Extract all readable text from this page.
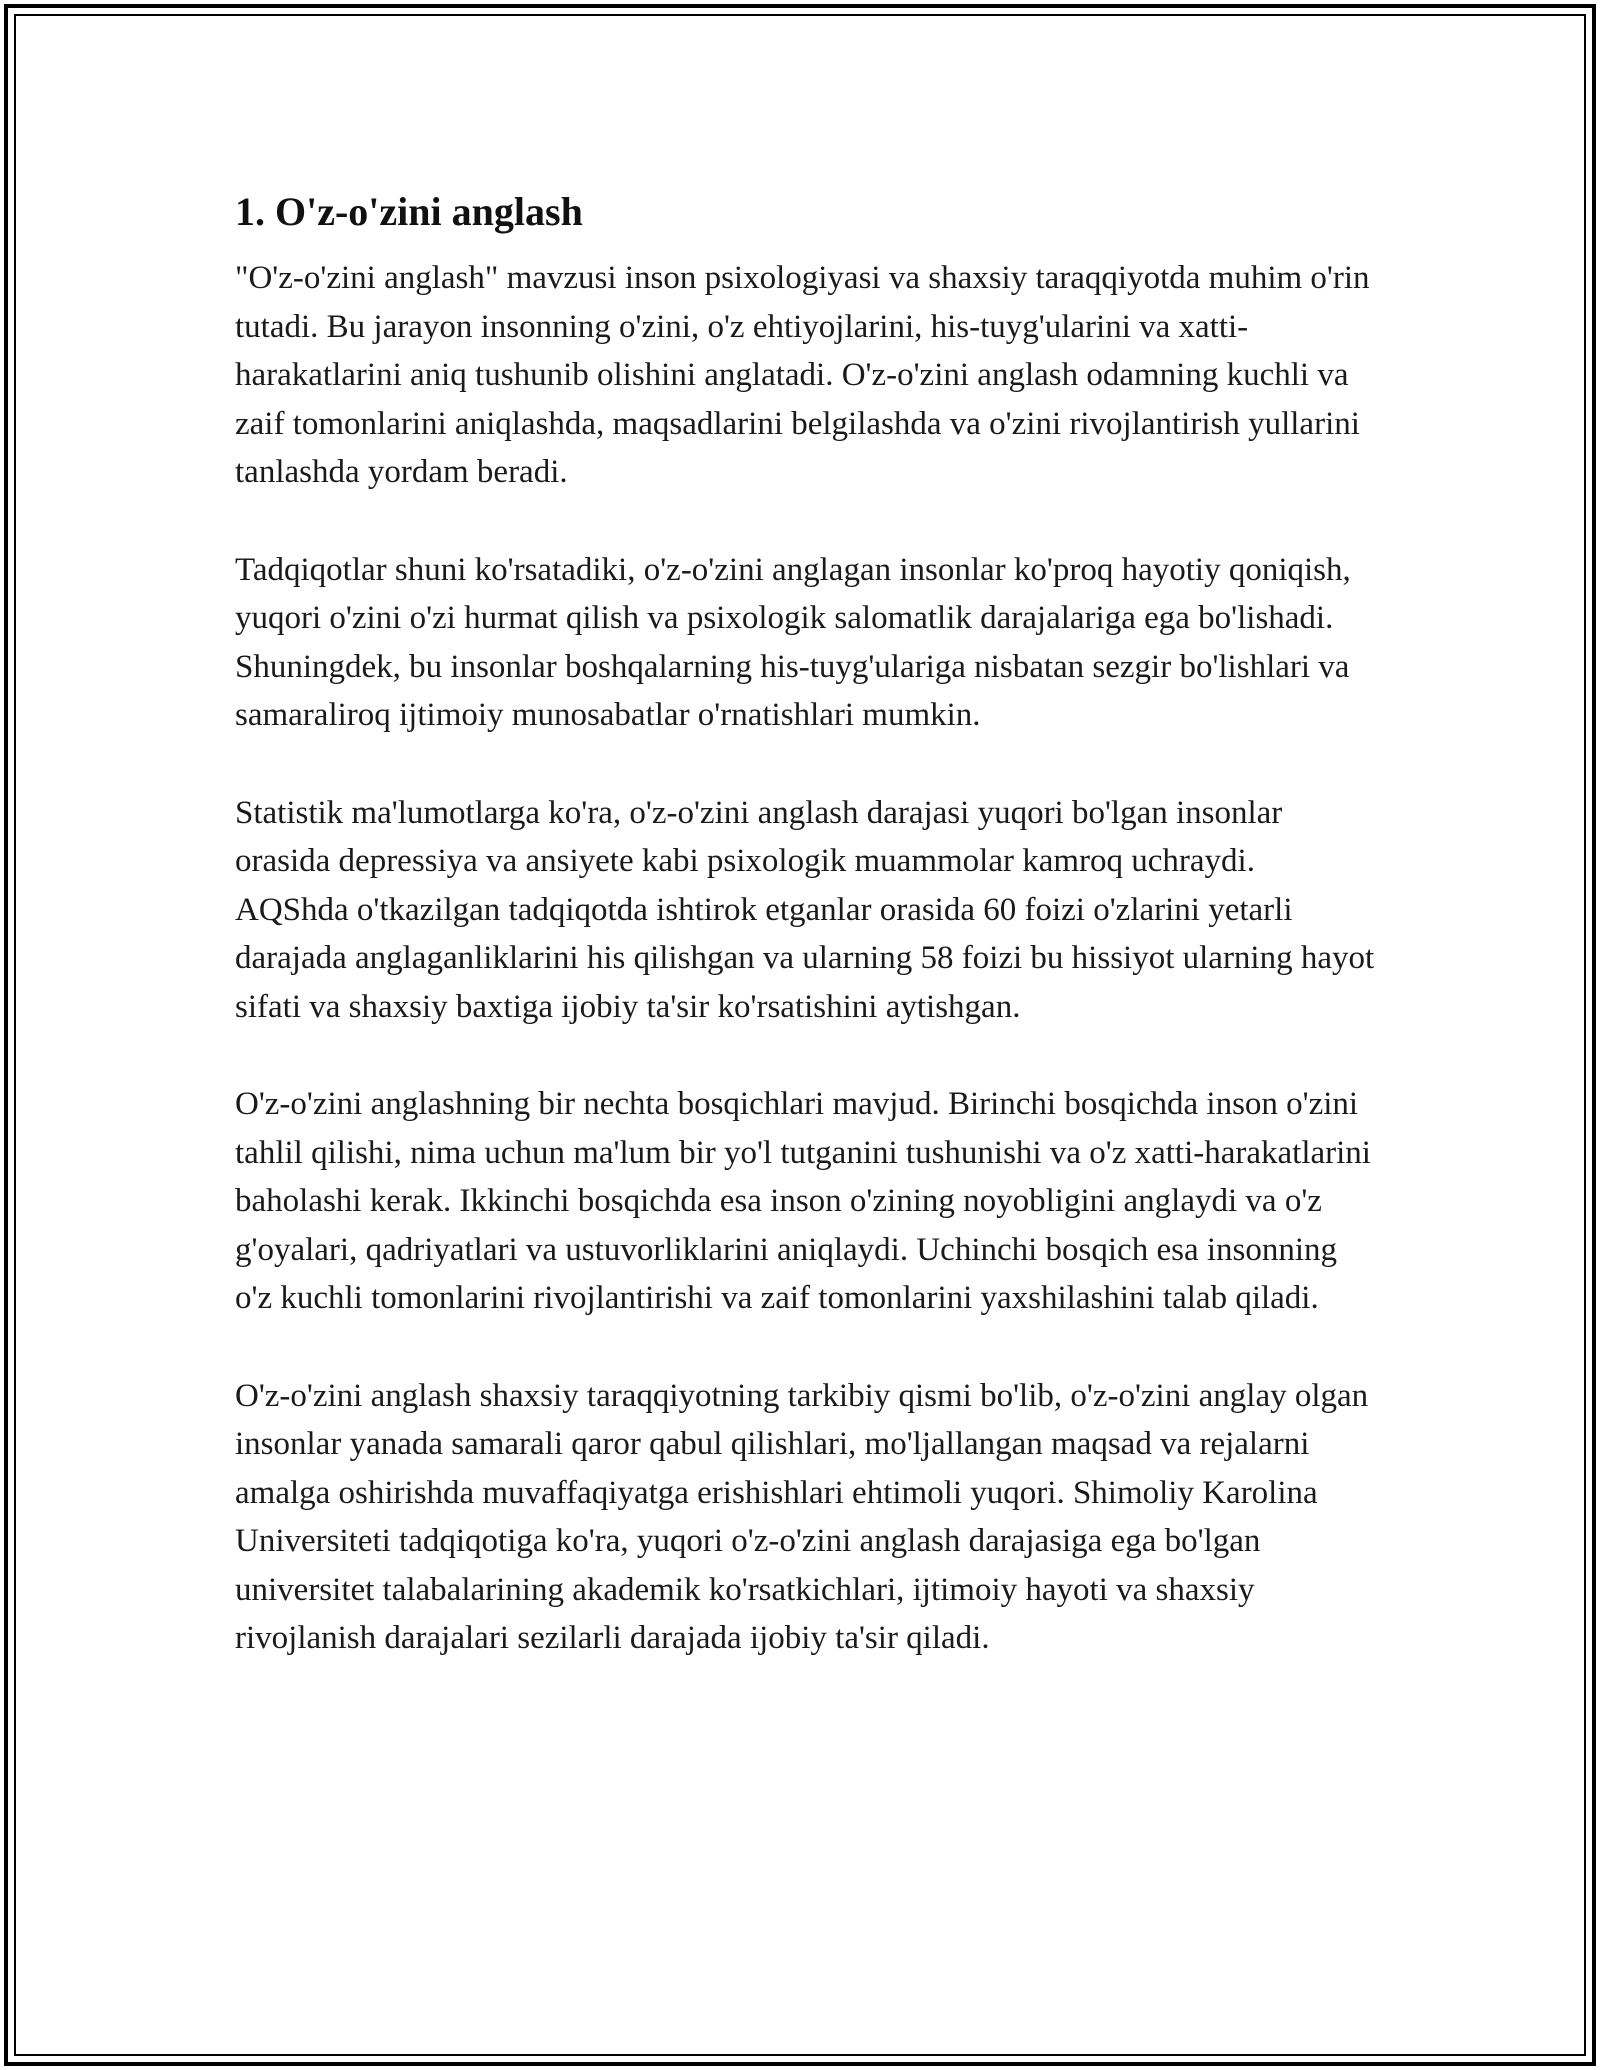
1. O'z-o'zini anglash

"O'z-o'zini anglash" mavzusi inson psixologiyasi va shaxsiy taraqqiyotda muhim o'rin tutadi. Bu jarayon insonning o'zini, o'z ehtiyojlarini, his-tuyg'ularini va xatti-harakatlarini aniq tushunib olishini anglatadi. O'z-o'zini anglash odamning kuchli va zaif tomonlarini aniqlashda, maqsadlarini belgilashda va o'zini rivojlantirish yullarini tanlashda yordam beradi.

Tadqiqotlar shuni ko'rsatadiki, o'z-o'zini anglagan insonlar ko'proq hayotiy qoniqish, yuqori o'zini o'zi hurmat qilish va psixologik salomatlik darajalariga ega bo'lishadi. Shuningdek, bu insonlar boshqalarning his-tuyg'ulariga nisbatan sezgir bo'lishlari va samaraliroq ijtimoiy munosabatlar o'rnatishlari mumkin.

Statistik ma'lumotlarga ko'ra, o'z-o'zini anglash darajasi yuqori bo'lgan insonlar orasida depressiya va ansiyete kabi psixologik muammolar kamroq uchraydi. AQShda o'tkazilgan tadqiqotda ishtirok etganlar orasida 60 foizi o'zlarini yetarli darajada anglaganliklarini his qilishgan va ularning 58 foizi bu hissiyot ularning hayot sifati va shaxsiy baxtiga ijobiy ta'sir ko'rsatishini aytishgan.

O'z-o'zini anglashning bir nechta bosqichlari mavjud. Birinchi bosqichda inson o'zini tahlil qilishi, nima uchun ma'lum bir yo'l tutganini tushunishi va o'z xatti-harakatlarini baholashi kerak. Ikkinchi bosqichda esa inson o'zining noyobligini anglaydi va o'z g'oyalari, qadriyatlari va ustuvorliklarini aniqlaydi. Uchinchi bosqich esa insonning o'z kuchli tomonlarini rivojlantirishi va zaif tomonlarini yaxshilashini talab qiladi.

O'z-o'zini anglash shaxsiy taraqqiyotning tarkibiy qismi bo'lib, o'z-o'zini anglay olgan insonlar yanada samarali qaror qabul qilishlari, mo'ljallangan maqsad va rejalarni amalga oshirishda muvaffaqiyatga erishishlari ehtimoli yuqori. Shimoliy Karolina Universiteti tadqiqotiga ko'ra, yuqori o'z-o'zini anglash darajasiga ega bo'lgan universitet talabalarining akademik ko'rsatkichlari, ijtimoiy hayoti va shaxsiy rivojlanish darajalari sezilarli darajada ijobiy ta'sir qiladi.
